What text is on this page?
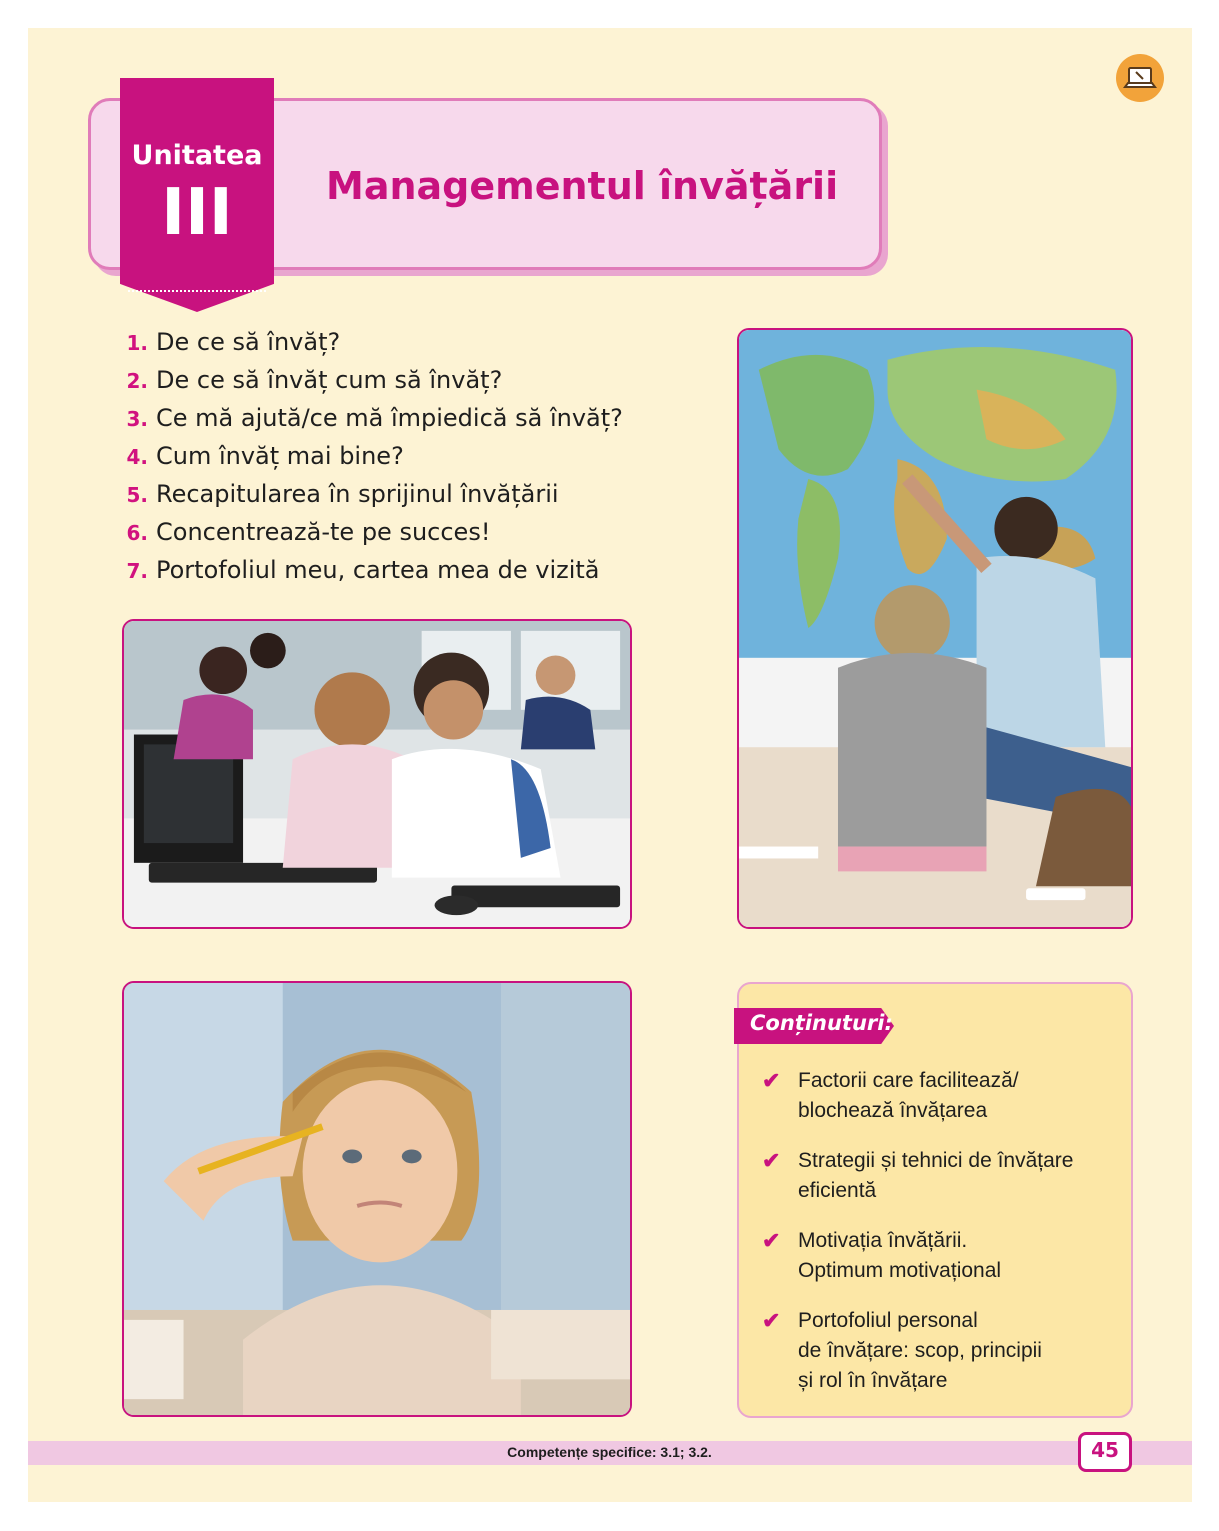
Unitatea
III	Managementul învățării
1. De ce să învăț?
2. De ce să învăț cum să învăț?
3. Ce mă ajută/ce mă împiedică să învăț?
4. Cum învăț mai bine?
5. Recapitularea în sprijinul învățării
6. Concentrează-te pe succes!
7. Portofoliul meu, cartea mea de vizită
Conținuturi:
✔ Factorii care facilitează/
blochează învățarea
✔ Strategii și tehnici de învățare
eficientă
✔ Motivația învățării.
Optimum motivațional
✔ Portofoliul personal
de învățare: scop, principii
și rol în învățare
Competențe specifice: 3.1; 3.2.	45
